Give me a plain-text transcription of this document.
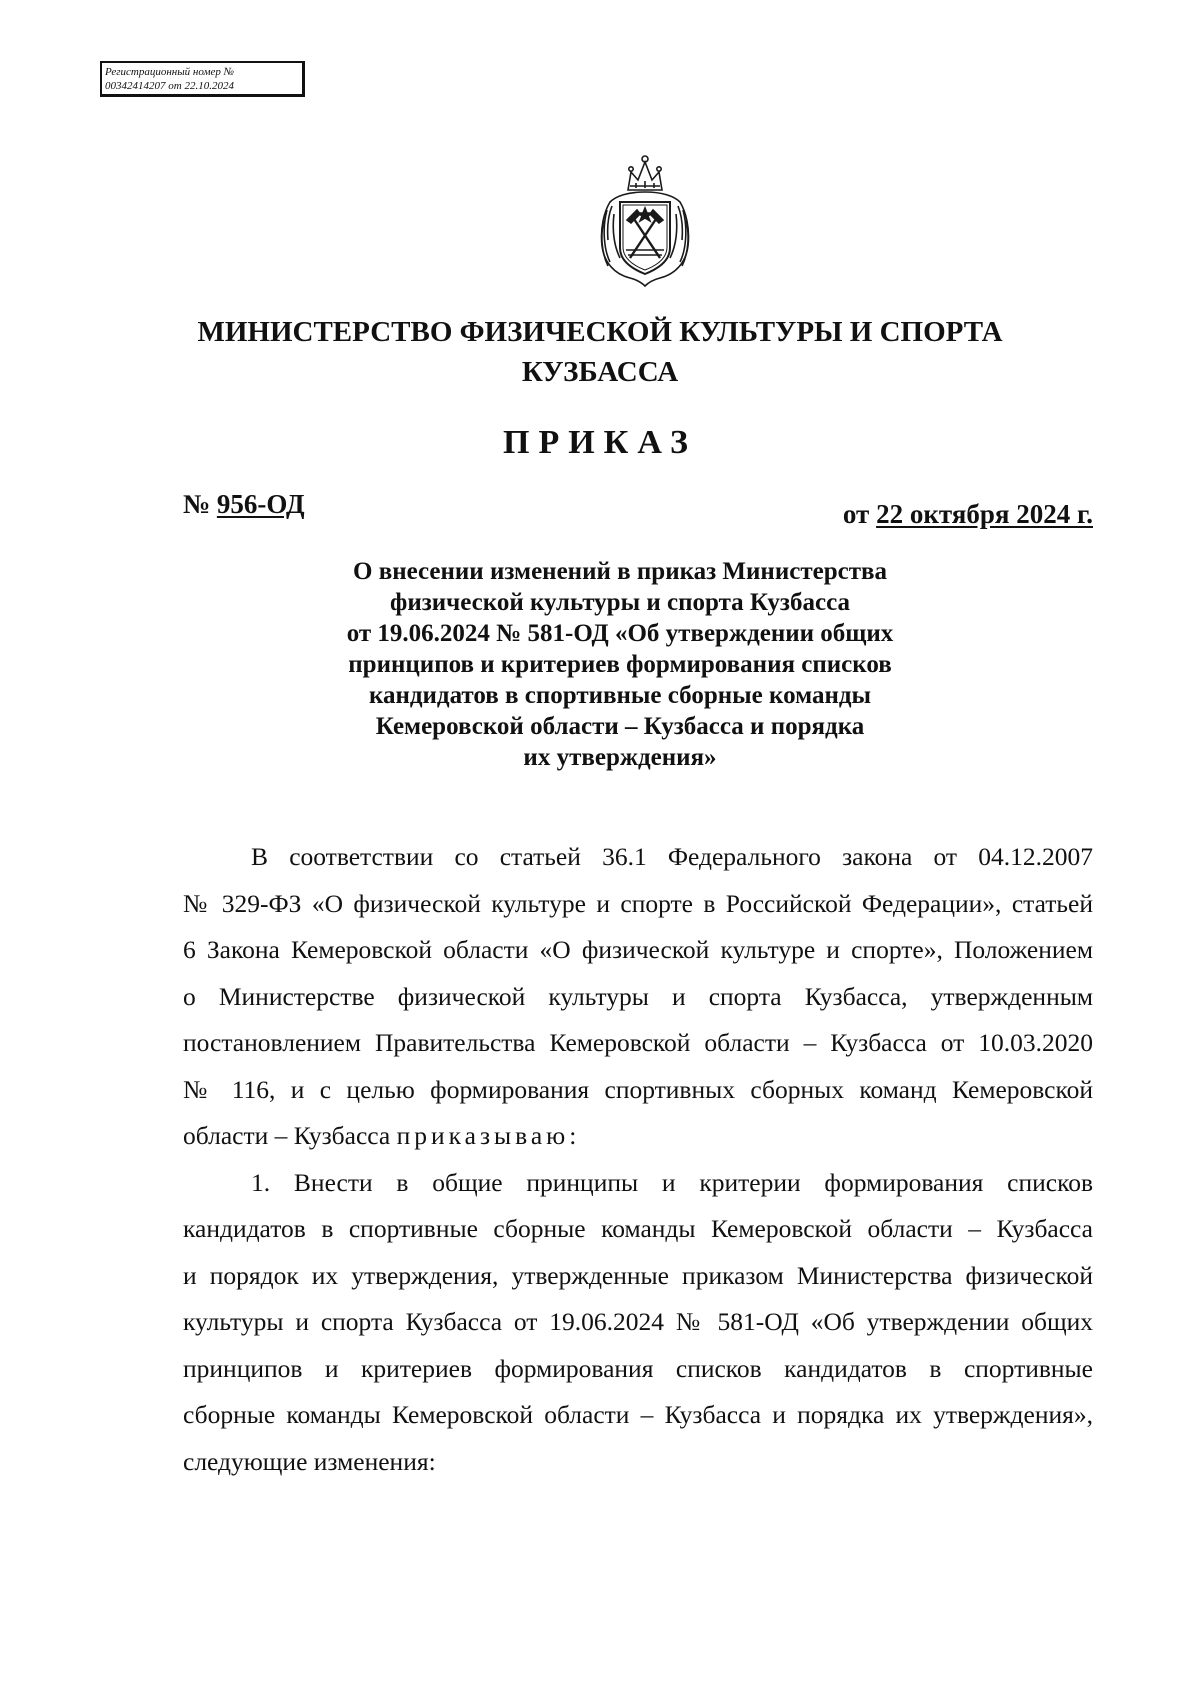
Регистрационный номер №
00342414207 от 22.10.2024
МИНИСТЕРСТВО ФИЗИЧЕСКОЙ КУЛЬТУРЫ И СПОРТА
КУЗБАССА
ПРИКАЗ
№ 956-ОД	от 22 октября 2024 г.
О внесении изменений в приказ Министерства
физической культуры и спорта Кузбасса
от 19.06.2024 № 581-ОД «Об утверждении общих
принципов и критериев формирования списков
кандидатов в спортивные сборные команды
Кемеровской области – Кузбасса и порядка
их утверждения»
В соответствии со статьей 36.1 Федерального закона от 04.12.2007
№ 329-ФЗ «О физической культуре и спорте в Российской Федерации», статьей
6 Закона Кемеровской области «О физической культуре и спорте», Положением
о Министерстве физической культуры и спорта Кузбасса, утвержденным
постановлением Правительства Кемеровской области – Кузбасса от 10.03.2020
№ 116, и с целью формирования спортивных сборных команд Кемеровской
области – Кузбасса приказываю:
1. Внести в общие принципы и критерии формирования списков
кандидатов в спортивные сборные команды Кемеровской области – Кузбасса
и порядок их утверждения, утвержденные приказом Министерства физической
культуры и спорта Кузбасса от 19.06.2024 № 581-ОД «Об утверждении общих
принципов и критериев формирования списков кандидатов в спортивные
сборные команды Кемеровской области – Кузбасса и порядка их утверждения»,
следующие изменения:
